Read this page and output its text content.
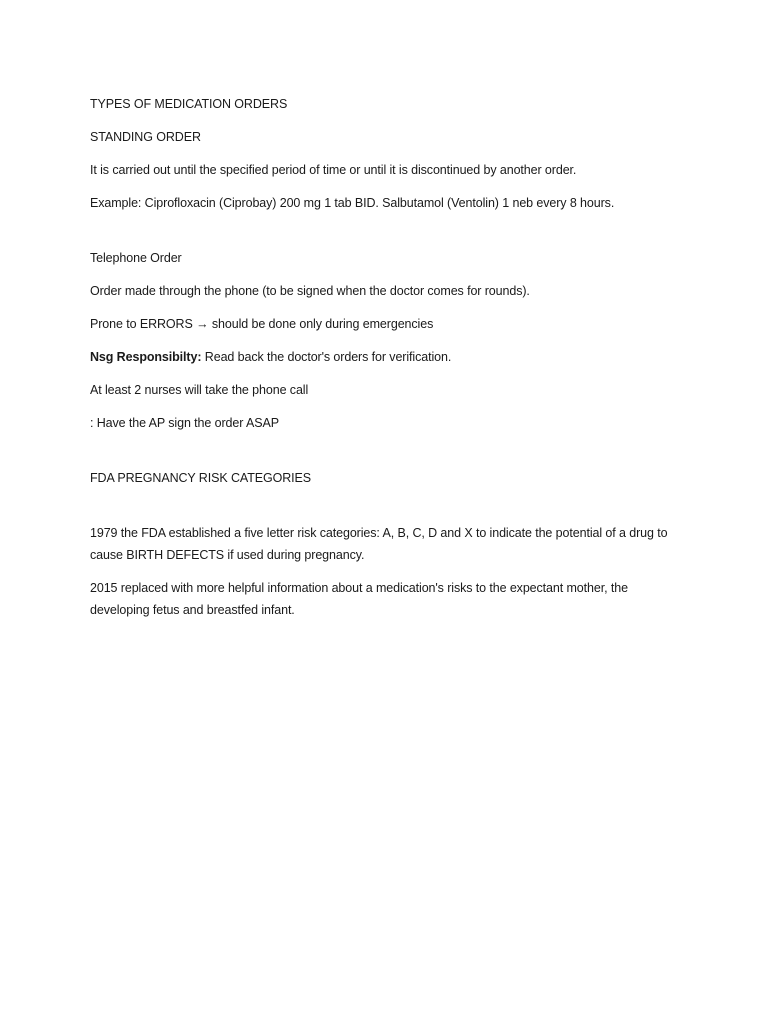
TYPES OF MEDICATION ORDERS

STANDING ORDER

It is carried out until the specified period of time or until it is discontinued by another order.

Example: Ciprofloxacin (Ciprobay) 200 mg 1 tab BID. Salbutamol (Ventolin) 1 neb every 8 hours.

Telephone Order

Order made through the phone (to be signed when the doctor comes for rounds).

Prone to ERRORS → should be done only during emergencies

Nsg Responsibilty: Read back the doctor's orders for verification.

At least 2 nurses will take the phone call

: Have the AP sign the order ASAP

FDA PREGNANCY RISK CATEGORIES

1979 the FDA established a five letter risk categories: A, B, C, D and X to indicate the potential of a drug to cause BIRTH DEFECTS if used during pregnancy.

2015 replaced with more helpful information about a medication's risks to the expectant mother, the developing fetus and breastfed infant.
